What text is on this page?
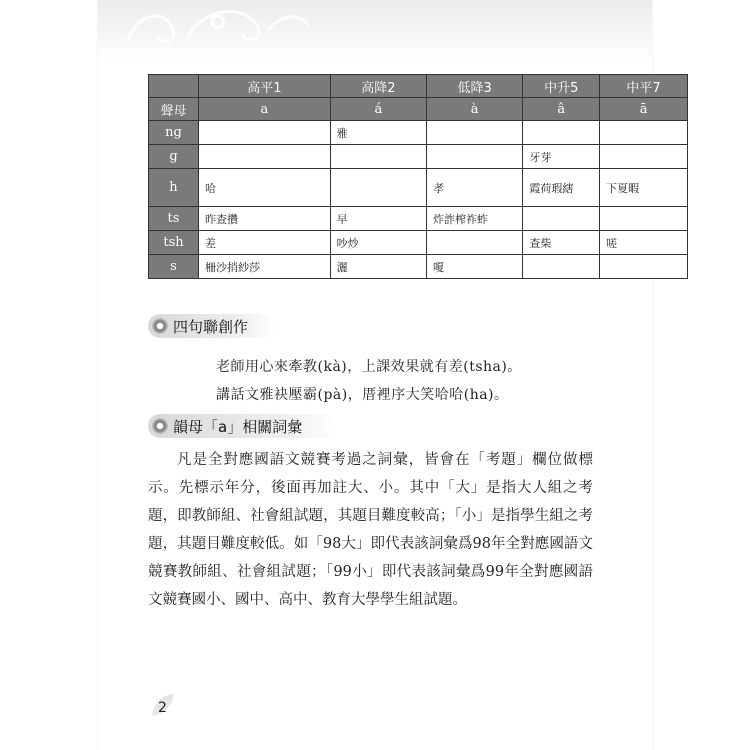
	高平1	高降2	低降3	中升5	中平7
聲母	a	á	à	â	ā
ng		雅			
g				牙芽	
h	哈		孝	霞荷瑕縖	下夏暇
ts	昨查攢	早	炸詐榨祚蚱		
tsh	差	吵炒		查柴	嗟
s	柵沙捎紗莎	灑	嗄		
四句聯創作
老師用心來牽教(kà)，上課效果就有差(tsha)。
講話文雅袂壓霸(pà)，厝裡序大笑哈哈(ha)。
韻母「a」相關詞彙

凡是全對應國語文競賽考過之詞彙，皆會在「考題」欄位做標示。先標示年分，後面再加註大、小。其中「大」是指大人組之考題，即教師組、社會組試題，其題目難度較高；「小」是指學生組之考題，其題目難度較低。如「98大」即代表該詞彙爲98年全對應國語文競賽教師組、社會組試題；「99小」即代表該詞彙爲99年全對應國語文競賽國小、國中、高中、教育大學學生組試題。

2
